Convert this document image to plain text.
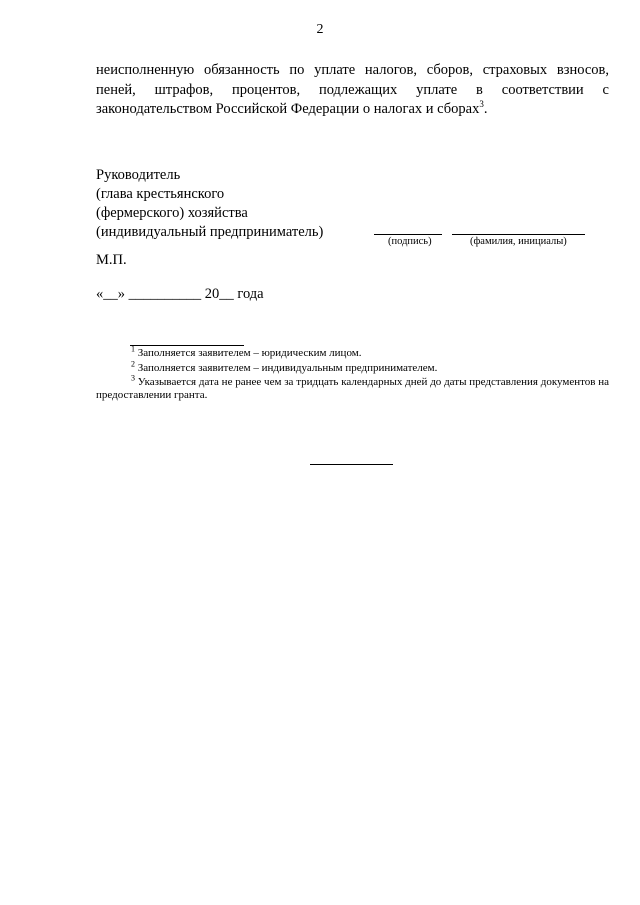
2

неисполненную обязанность по уплате налогов, сборов, страховых взносов, пеней, штрафов, процентов, подлежащих уплате в соответствии с законодательством Российской Федерации о налогах и сборах$^3$.

Руководитель
(глава крестьянского
(фермерского) хозяйства
(индивидуальный предприниматель)
(подпись)	(фамилия, инициалы)
М.П.
«__» __________ 20__ года
$^1$ Заполняется заявителем – юридическим лицом.
$^2$ Заполняется заявителем – индивидуальным предпринимателем.
$^3$ Указывается дата не ранее чем за тридцать календарных дней до даты представления документов на предоставлении гранта.
